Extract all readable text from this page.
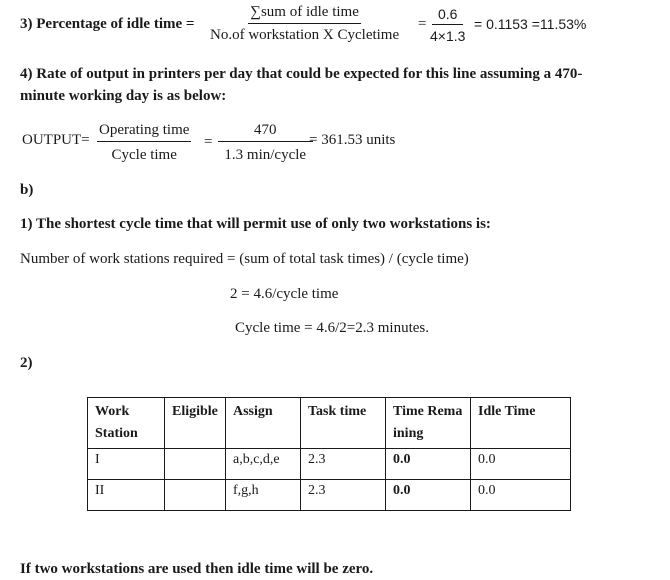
3) Percentage of idle time =
∑sum of idle time
No.of workstation X Cycletime
= $\frac{0.6}{4\times 1.3} = 0.1153 =11.53\%$
4) Rate of output in printers per day that could be expected for this line assuming a 470-
minute working day is as below:
OUTPUT=
Operating time
Cycle time
=
470
1.3 min/cycle
= 361.53 units
b)
1) The shortest cycle time that will permit use of only two workstations is:
Number of work stations required = (sum of total task times) / (cycle time)
2 = 4.6/cycle time
Cycle time = 4.6/2=2.3 minutes.
2)
Work Station	Eligible	Assign	Task time	Time Remaining	Idle Time
I		a,b,c,d,e	2.3	0.0	0.0
II		f,g,h	2.3	0.0	0.0
If two workstations are used then idle time will be zero.
